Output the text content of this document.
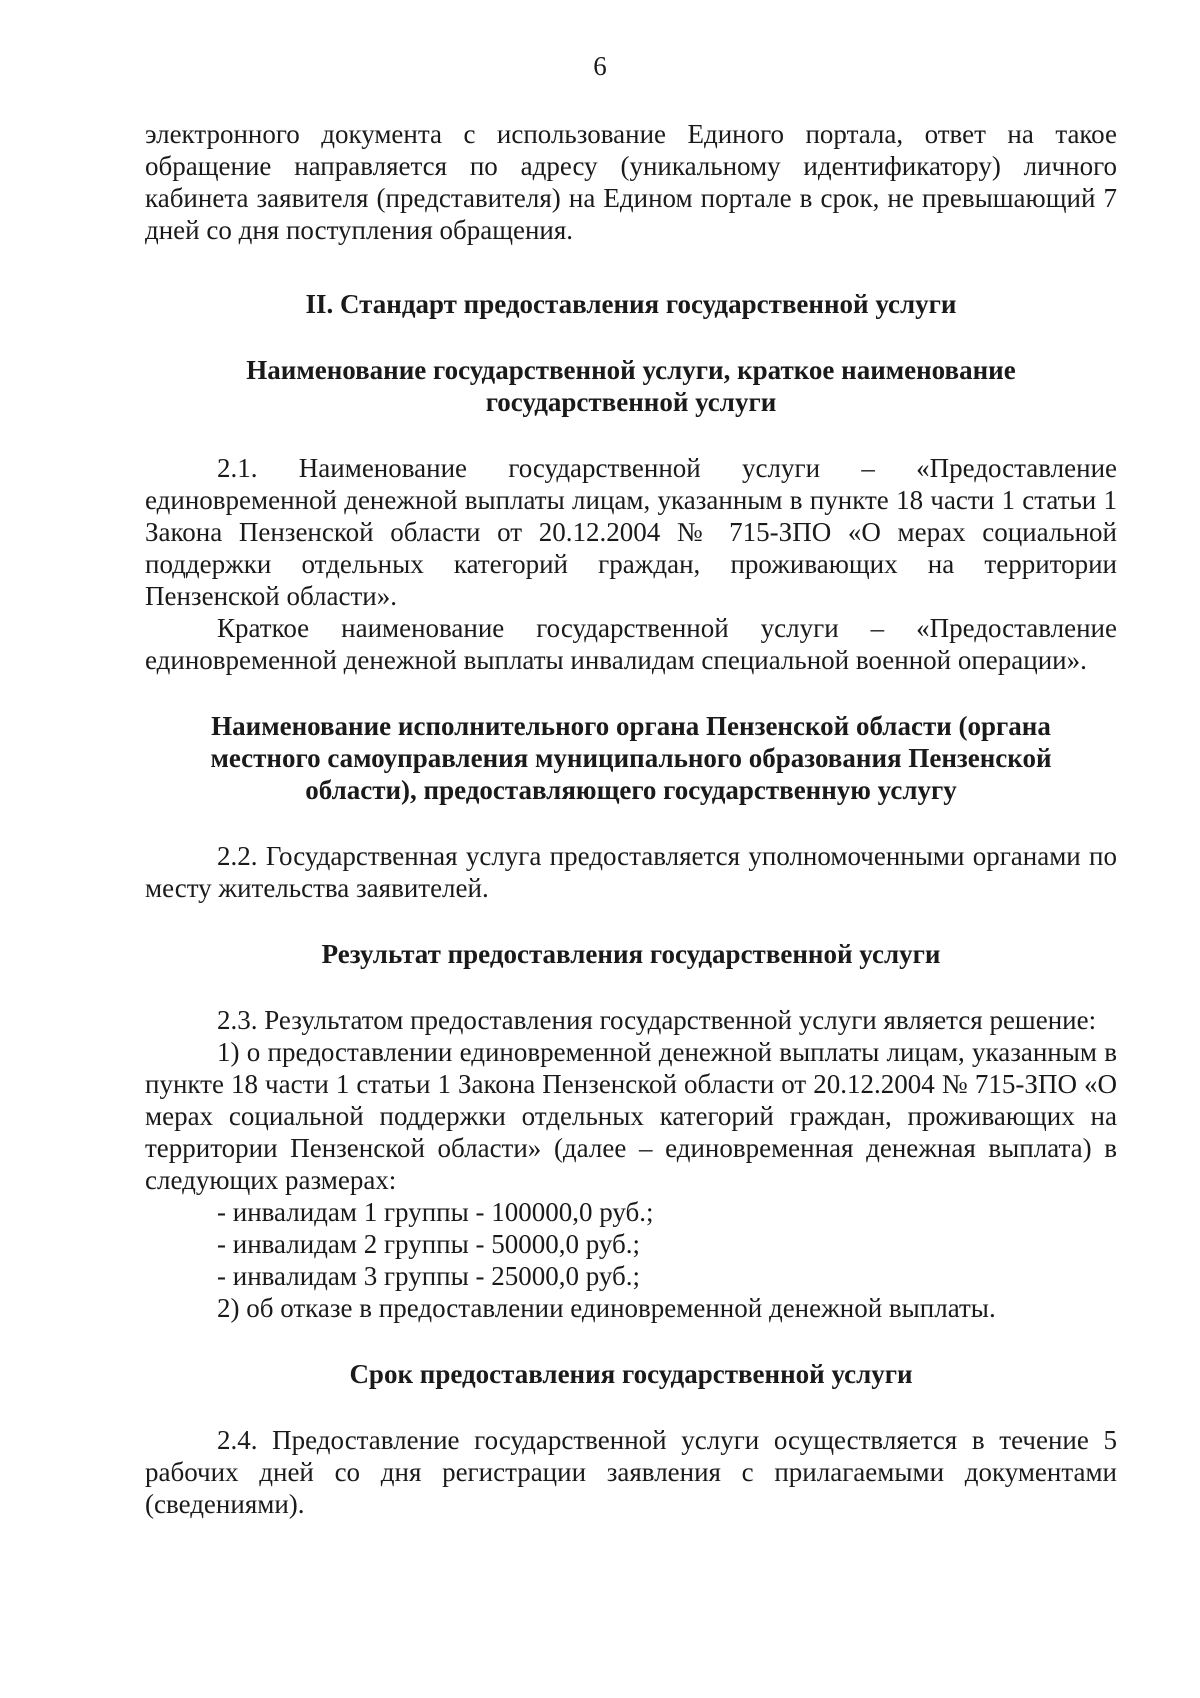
6

электронного документа с использование Единого портала, ответ на такое обращение направляется по адресу (уникальному идентификатору) личного кабинета заявителя (представителя) на Едином портале в срок, не превышающий 7 дней со дня поступления обращения.

II. Стандарт предоставления государственной услуги

Наименование государственной услуги, краткое наименование
государственной услуги

2.1. Наименование государственной услуги – «Предоставление единовременной денежной выплаты лицам, указанным в пункте 18 части 1 статьи 1 Закона Пензенской области от 20.12.2004 № 715-ЗПО «О мерах социальной поддержки отдельных категорий граждан, проживающих на территории Пензенской области».

Краткое наименование государственной услуги – «Предоставление единовременной денежной выплаты инвалидам специальной военной операции».

Наименование исполнительного органа Пензенской области (органа
местного самоуправления муниципального образования Пензенской
области), предоставляющего государственную услугу

2.2. Государственная услуга предоставляется уполномоченными органами по месту жительства заявителей.

Результат предоставления государственной услуги

2.3. Результатом предоставления государственной услуги является решение:

1) о предоставлении единовременной денежной выплаты лицам, указанным в пункте 18 части 1 статьи 1 Закона Пензенской области от 20.12.2004 № 715-ЗПО «О мерах социальной поддержки отдельных категорий граждан, проживающих на территории Пензенской области» (далее – единовременная денежная выплата) в следующих размерах:

- инвалидам 1 группы - 100000,0 руб.;

- инвалидам 2 группы - 50000,0 руб.;

- инвалидам 3 группы - 25000,0 руб.;

2) об отказе в предоставлении единовременной денежной выплаты.

Срок предоставления государственной услуги

2.4. Предоставление государственной услуги осуществляется в течение 5 рабочих дней со дня регистрации заявления с прилагаемыми документами (сведениями).
